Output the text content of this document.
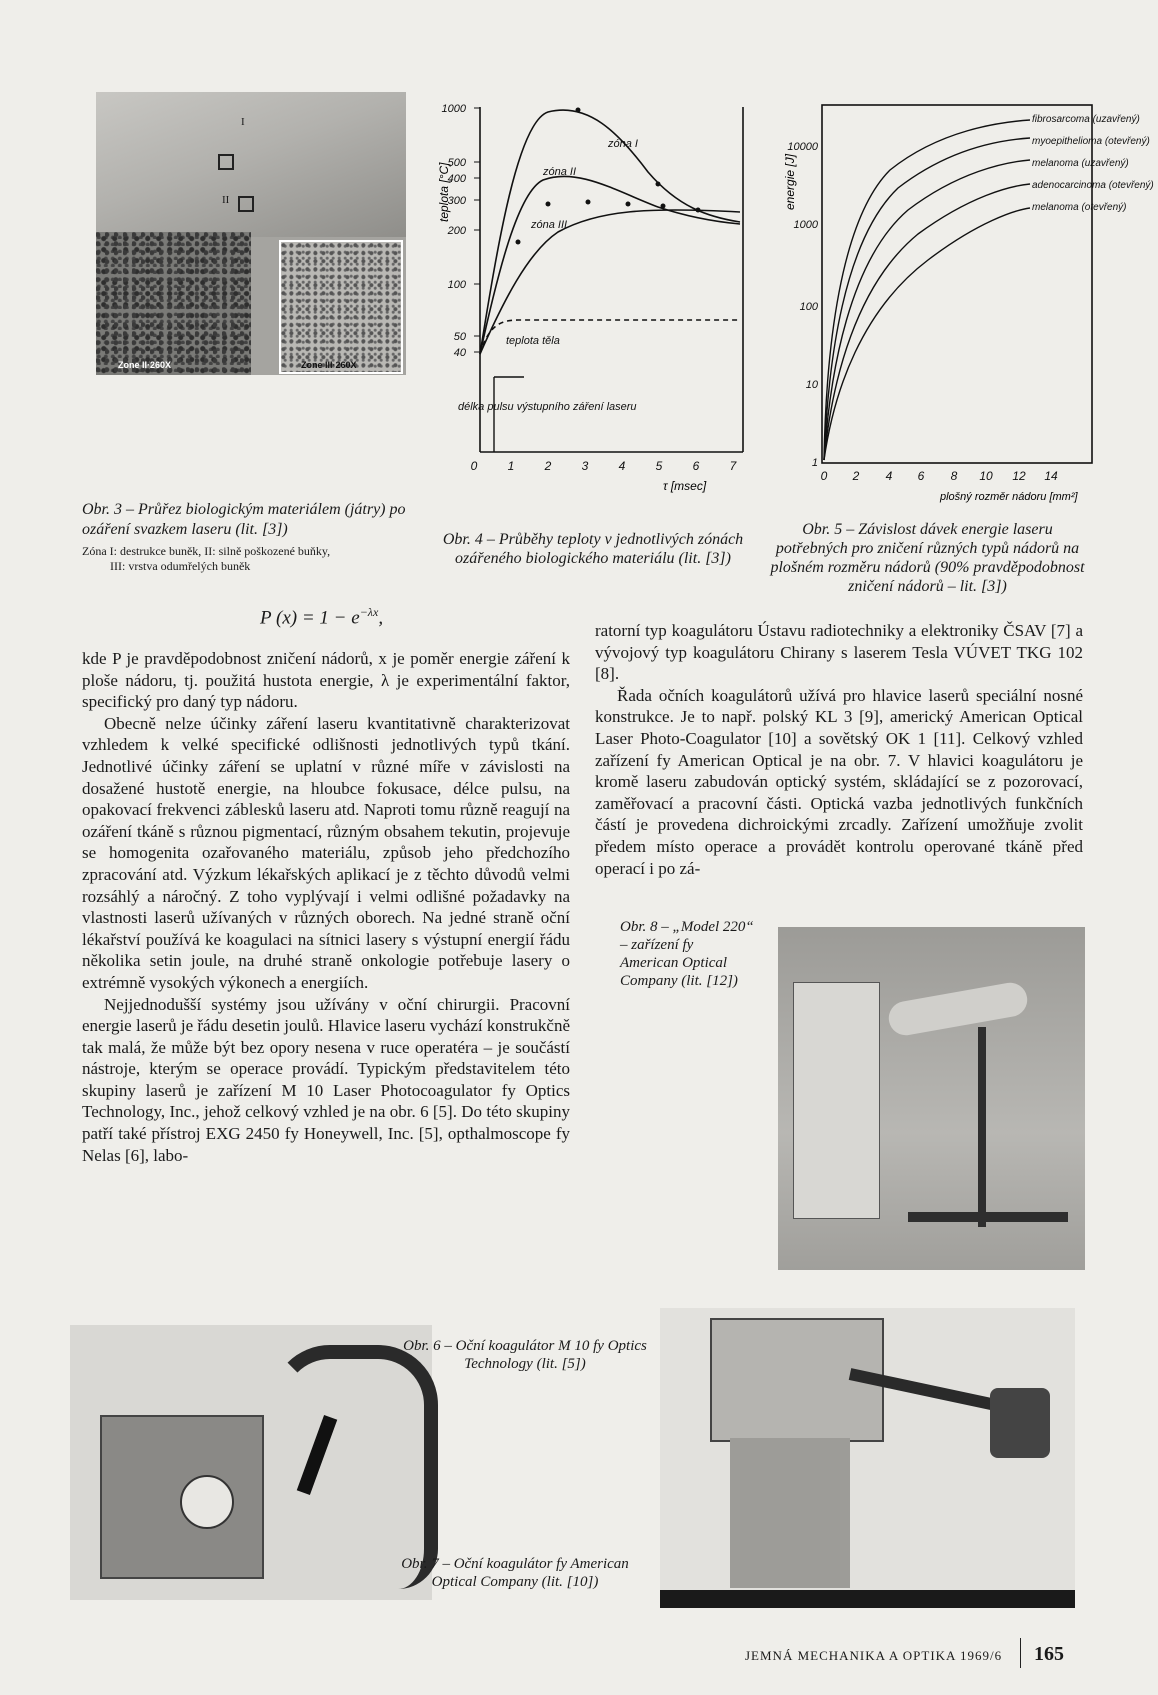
I
II
Zone II·260X	Zone III·260X
Obr. 3 – Průřez biologickým materiálem (játry) po ozáření svazkem laseru (lit. [3])
Zóna I: destrukce buněk, II: silně poškozené buňky,
III: vrstva odumřelých buněk
1000
500
400
300
200
100
50
40
teplota [°C]
0	1	2	3	4	5	6	7
τ [msec]
zóna I
zóna II
zóna III
teplota těla
délka pulsu výstupního záření laseru
Obr. 4 – Průběhy teploty v jednotlivých zónách ozářeného biologického materiálu (lit. [3])
10000
1000
100
10
1
energie [J]
0 2 4 6 8 10 12 14
plošný rozměr nádoru [mm²]
fibrosarcoma (uzavřený)
myoepithelioma (otevřený)
melanoma (uzavřený)
adenocarcinoma (otevřený)
melanoma (otevřený)
Obr. 5 – Závislost dávek energie laseru potřebných pro zničení různých typů nádorů na plošném rozměru nádorů (90% pravděpodobnost zničení nádorů – lit. [3])
P $(x) = 1 - e^{-\lambda x}$,

kde P je pravděpodobnost zničení nádorů, x je poměr energie záření k ploše nádoru, tj. použitá hustota energie, λ je experimentální faktor, specifický pro daný typ nádoru.

Obecně nelze účinky záření laseru kvantitativně charakterizovat vzhledem k velké specifické odlišnosti jednotlivých typů tkání. Jednotlivé účinky záření se uplatní v různé míře v závislosti na dosažené hustotě energie, na hloubce fokusace, délce pulsu, na opakovací frekvenci záblesků laseru atd. Naproti tomu různě reagují na ozáření tkáně s různou pigmentací, různým obsahem tekutin, projevuje se homogenita ozařovaného materiálu, způsob jeho předchozího zpracování atd. Výzkum lékařských aplikací je z těchto důvodů velmi rozsáhlý a náročný. Z toho vyplývají i velmi odlišné požadavky na vlastnosti laserů užívaných v různých oborech. Na jedné straně oční lékařství používá ke koagulaci na sítnici lasery s výstupní energií řádu několika setin joule, na druhé straně onkologie potřebuje lasery o extrémně vysokých výkonech a energiích.

Nejjednodušší systémy jsou užívány v oční chirurgii. Pracovní energie laserů je řádu desetin joulů. Hlavice laseru vychází konstrukčně tak malá, že může být bez opory nesena v ruce operatéra – je součástí nástroje, kterým se operace provádí. Typickým představitelem této skupiny laserů je zařízení M 10 Laser Photocoagulator fy Optics Technology, Inc., jehož celkový vzhled je na obr. 6 [5]. Do této skupiny patří také přístroj EXG 2450 fy Honeywell, Inc. [5], opthalmoscope fy Nelas [6], labo-

ratorní typ koagulátoru Ústavu radiotechniky a elektroniky ČSAV [7] a vývojový typ koagulátoru Chirany s laserem Tesla VÚVET TKG 102 [8].

Řada očních koagulátorů užívá pro hlavice laserů speciální nosné konstrukce. Je to např. polský KL 3 [9], americký American Optical Laser Photo-Coagulator [10] a sovětský OK 1 [11]. Celkový vzhled zařízení fy American Optical je na obr. 7. V hlavici koagulátoru je kromě laseru zabudován optický systém, skládající se z pozorovací, zaměřovací a pracovní části. Optická vazba jednotlivých funkčních částí je provedena dichroickými zrcadly. Zařízení umožňuje zvolit předem místo operace a provádět kontrolu operované tkáně před operací i po zá-

Obr. 8 – „Model 220“ – zařízení fy American Optical Company (lit. [12])
Obr. 6 – Oční koagulátor M 10 fy Optics Technology (lit. [5])
Obr. 7 – Oční koagulátor fy American Optical Company (lit. [10])
JEMNÁ MECHANIKA A OPTIKA 1969/6 165
